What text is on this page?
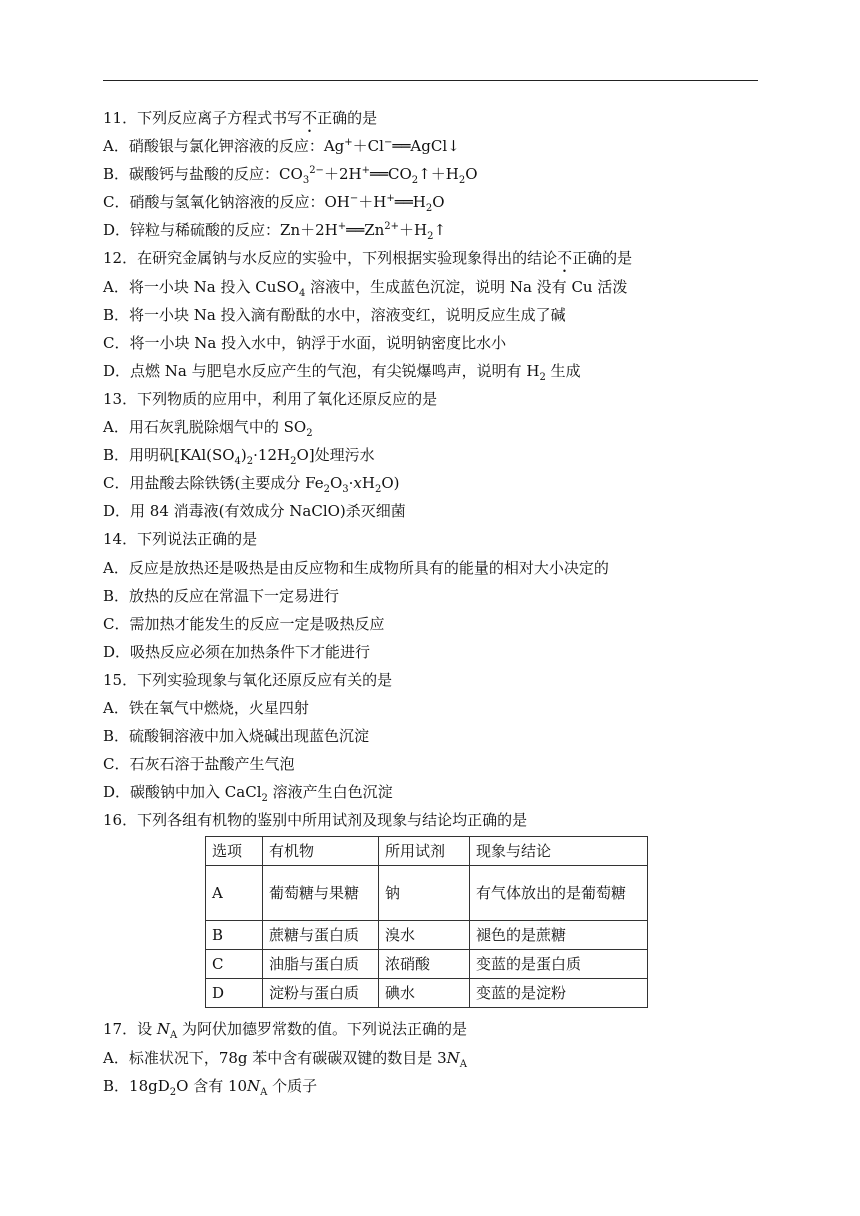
11．下列反应离子方程式书写不正确的是
A．硝酸银与氯化钾溶液的反应：Ag+＋Cl−══AgCl↓
B．碳酸钙与盐酸的反应：$CO_3^{2-}+2H^+══CO_2↑+H_2O$
C．硝酸与氢氧化钠溶液的反应：$OH^-+H^+══H_2O$
D．锌粒与稀硫酸的反应：$Zn+2H^+══Zn^{2+}+H_2↑$
12．在研究金属钠与水反应的实验中，下列根据实验现象得出的结论不正确的是
A．将一小块 Na 投入 CuSO$_4$ 溶液中，生成蓝色沉淀，说明 Na 没有 Cu 活泼
B．将一小块 Na 投入滴有酚酞的水中，溶液变红，说明反应生成了碱
C．将一小块 Na 投入水中，钠浮于水面，说明钠密度比水小
D．点燃 Na 与肥皂水反应产生的气泡，有尖锐爆鸣声，说明有 $H_2$ 生成
13．下列物质的应用中，利用了氧化还原反应的是
A．用石灰乳脱除烟气中的 $SO_2$
B．用明矾$[KAl(SO_4)_2\cdot 12H_2O]$处理污水
C．用盐酸去除铁锈(主要成分 $Fe_2O_3\cdot xH_2O$)
D．用 84 消毒液(有效成分 NaClO)杀灭细菌
14．下列说法正确的是
A．反应是放热还是吸热是由反应物和生成物所具有的能量的相对大小决定的
B．放热的反应在常温下一定易进行
C．需加热才能发生的反应一定是吸热反应
D．吸热反应必须在加热条件下才能进行
15．下列实验现象与氧化还原反应有关的是
A．铁在氧气中燃烧，火星四射
B．硫酸铜溶液中加入烧碱出现蓝色沉淀
C．石灰石溶于盐酸产生气泡
D．碳酸钠中加入 CaCl$_2$ 溶液产生白色沉淀
16．下列各组有机物的鉴别中所用试剂及现象与结论均正确的是
选项	有机物	所用试剂	现象与结论
A	葡萄糖与果糖	钠	有气体放出的是葡萄糖
B	蔗糖与蛋白质	溴水	褪色的是蔗糖
C	油脂与蛋白质	浓硝酸	变蓝的是蛋白质
D	淀粉与蛋白质	碘水	变蓝的是淀粉
17．设 $N_A$ 为阿伏加德罗常数的值。下列说法正确的是
A．标准状况下，78g 苯中含有碳碳双键的数目是 $3N_A$
B．$18gD_2O$ 含有 $10N_A$ 个质子
